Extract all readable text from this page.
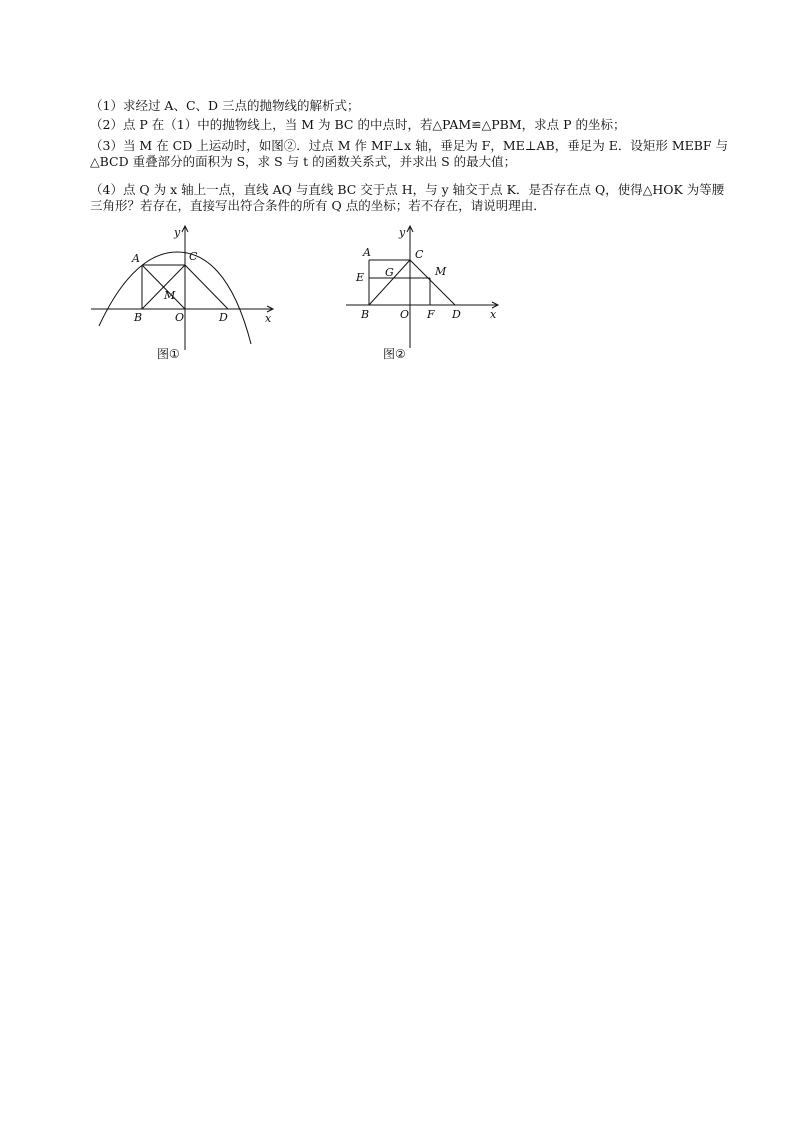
（1）求经过 A、C、D 三点的抛物线的解析式；
（2）点 P 在（1）中的抛物线上，当 M 为 BC 的中点时，若△PAM≌△PBM，求点 P 的坐标；
（3）当 M 在 CD 上运动时，如图②．过点 M 作 MF⊥x 轴，垂足为 F，ME⊥AB，垂足为 E．设矩形 MEBF 与△BCD 重叠部分的面积为 S，求 S 与 t 的函数关系式，并求出 S 的最大值；
（4）点 Q 为 x 轴上一点，直线 AQ 与直线 BC 交于点 H，与 y 轴交于点 K．是否存在点 Q，使得△HOK 为等腰三角形？若存在，直接写出符合条件的所有 Q 点的坐标；若不存在，请说明理由．
y
x
A	C
M
B	O	D
图①
y
x
A	C
E G	M
B	O F D
图②
